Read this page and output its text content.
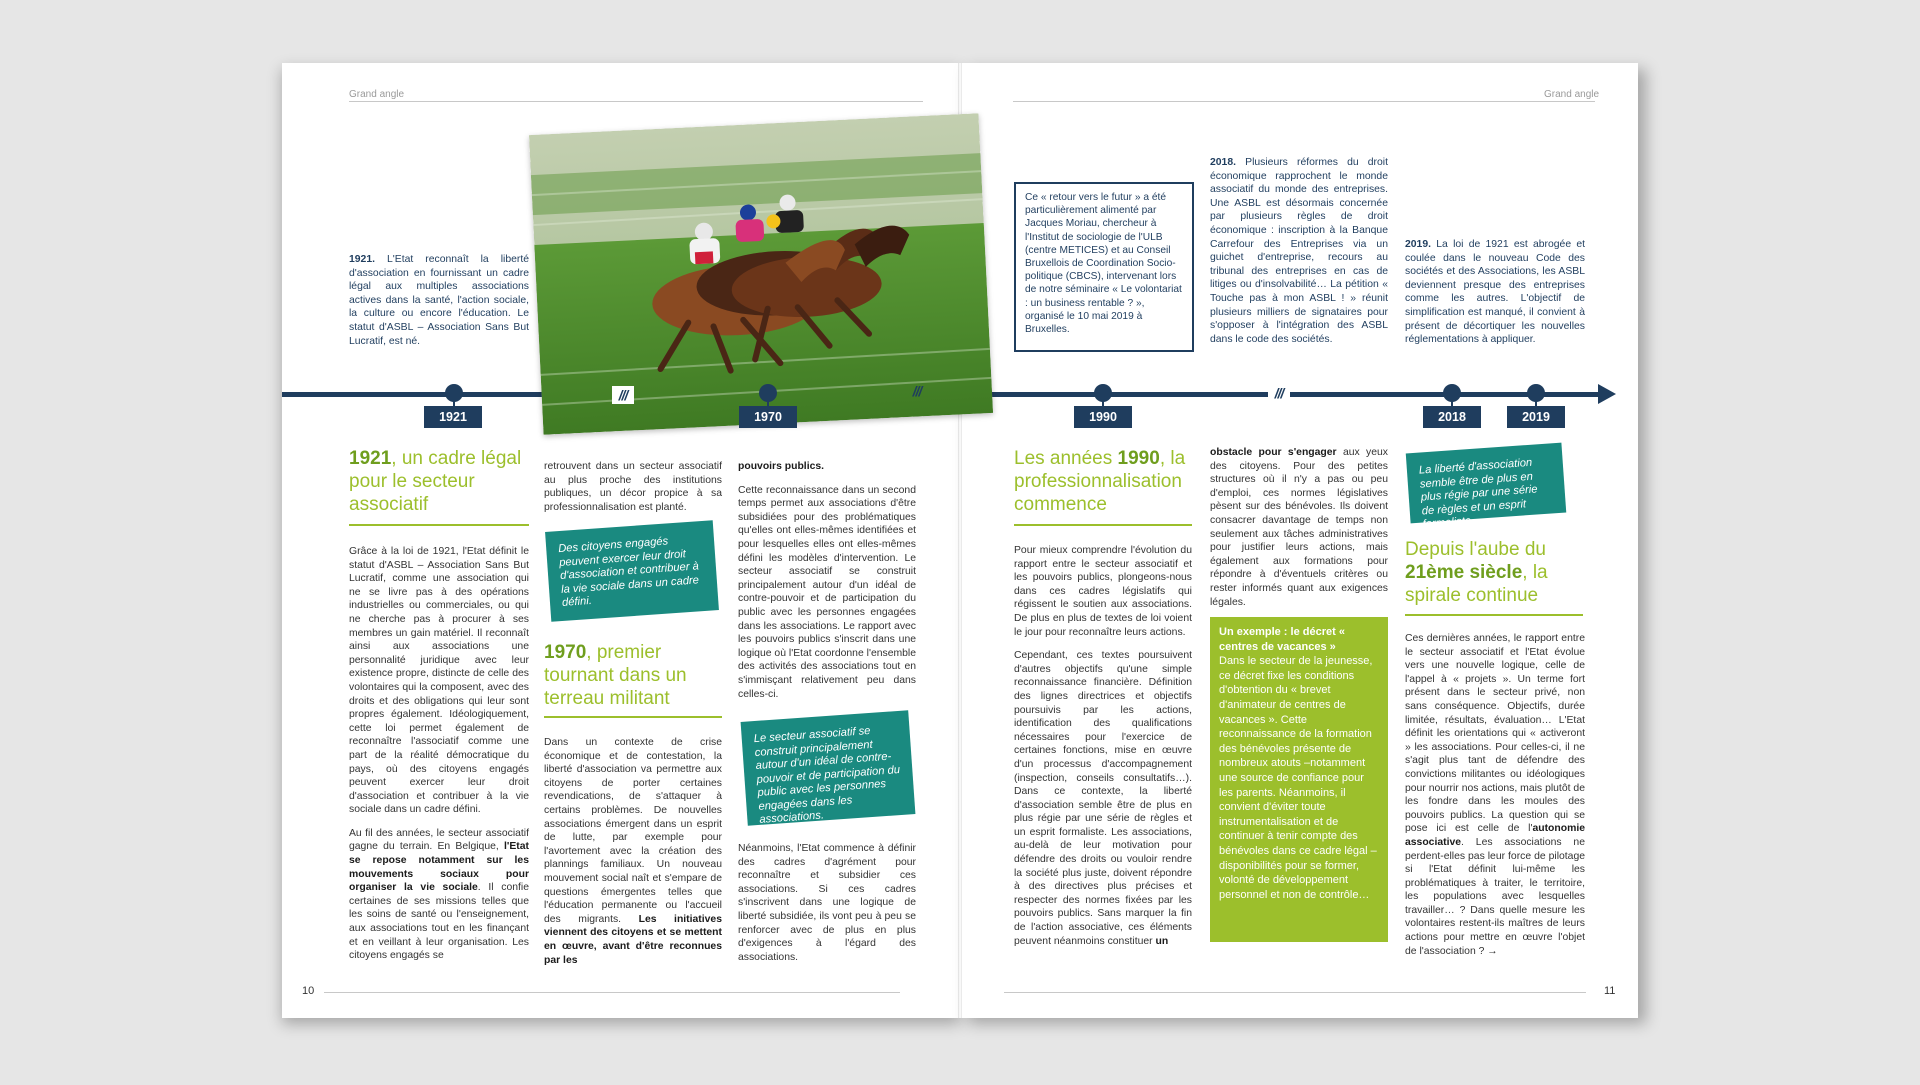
Grand angle	Grand angle
10	11
1921. L'Etat reconnaît la liberté d'association en fournissant un cadre légal aux multiples associations actives dans la santé, l'action sociale, la culture ou encore l'éducation. Le statut d'ASBL – Association Sans But Lucratif, est né.
2018. Plusieurs réformes du droit économique rapprochent le monde associatif du monde des entreprises. Une ASBL est désormais concernée par plusieurs règles de droit économique : inscription à la Banque Carrefour des Entreprises via un guichet d'entreprise, recours au tribunal des entreprises en cas de litiges ou d'insolvabilité… La pétition « Touche pas à mon ASBL ! » réunit plusieurs milliers de signataires pour s'opposer à l'intégration des ASBL dans le code des sociétés.
2019. La loi de 1921 est abrogée et coulée dans le nouveau Code des sociétés et des Associations, les ASBL deviennent presque des entreprises comme les autres. L'objectif de simplification est manqué, il convient à présent de décortiquer les nouvelles réglementations à appliquer.
Ce « retour vers le futur » a été particulièrement alimenté par Jacques Moriau, chercheur à l'Institut de sociologie de l'ULB (centre METICES) et au Conseil Bruxellois de Coordination Socio-politique (CBCS), intervenant lors de notre séminaire « Le volontariat : un business rentable ? », organisé le 10 mai 2019 à Bruxelles.
///	///	///
1921	1970	1990	2018	2019
1921, un cadre légal pour le secteur associatif

Grâce à la loi de 1921, l'Etat définit le statut d'ASBL – Association Sans But Lucratif, comme une association qui ne se livre pas à des opérations industrielles ou commerciales, ou qui ne cherche pas à procurer à ses membres un gain matériel. Il reconnaît ainsi aux associations une personnalité juridique avec leur existence propre, distincte de celle des volontaires qui la composent, avec des droits et des obligations qui leur sont propres également. Idéologiquement, cette loi permet également de reconnaître l'associatif comme une part de la réalité démocratique du pays, où des citoyens engagés peuvent exercer leur droit d'association et contribuer à la vie sociale dans un cadre défini.

Au fil des années, le secteur associatif gagne du terrain. En Belgique, l'Etat se repose notamment sur les mouvements sociaux pour organiser la vie sociale. Il confie certaines de ses missions telles que les soins de santé ou l'enseignement, aux associations tout en les finançant et en veillant à leur organisation. Les citoyens engagés se

retrouvent dans un secteur associatif au plus proche des institutions publiques, un décor propice à sa professionnalisation est planté.

Des citoyens engagés peuvent exercer leur droit d'association et contribuer à la vie sociale dans un cadre défini.
1970, premier tournant dans un terreau militant

Dans un contexte de crise économique et de contestation, la liberté d'association va permettre aux citoyens de porter certaines revendications, de s'attaquer à certains problèmes. De nouvelles associations émergent dans un esprit de lutte, par exemple pour l'avortement avec la création des plannings familiaux. Un nouveau mouvement social naît et s'empare de questions émergentes telles que l'éducation permanente ou l'accueil des migrants. Les initiatives viennent des citoyens et se mettent en œuvre, avant d'être reconnues par les

pouvoirs publics.

Cette reconnaissance dans un second temps permet aux associations d'être subsidiées pour des problématiques qu'elles ont elles-mêmes identifiées et pour lesquelles elles ont elles-mêmes défini les modèles d'intervention. Le secteur associatif se construit principalement autour d'un idéal de contre-pouvoir et de participation du public avec les personnes engagées dans les associations. Le rapport avec les pouvoirs publics s'inscrit dans une logique où l'Etat coordonne l'ensemble des activités des associations tout en s'immisçant relativement peu dans celles-ci.

Le secteur associatif se construit principalement autour d'un idéal de contre-pouvoir et de participation du public avec les personnes engagées dans les associations.

Néanmoins, l'Etat commence à définir des cadres d'agrément pour reconnaître et subsidier ces associations. Si ces cadres s'inscrivent dans une logique de liberté subsidiée, ils vont peu à peu se renforcer avec de plus en plus d'exigences à l'égard des associations.

Les années 1990, la professionnalisation commence

Pour mieux comprendre l'évolution du rapport entre le secteur associatif et les pouvoirs publics, plongeons-nous dans ces cadres législatifs qui régissent le soutien aux associations. De plus en plus de textes de loi voient le jour pour reconnaître leurs actions.

Cependant, ces textes poursuivent d'autres objectifs qu'une simple reconnaissance financière. Définition des lignes directrices et objectifs poursuivis par les actions, identification des qualifications nécessaires pour l'exercice de certaines fonctions, mise en œuvre d'un processus d'accompagnement (inspection, conseils consultatifs…). Dans ce contexte, la liberté d'association semble être de plus en plus régie par une série de règles et un esprit formaliste. Les associations, au-delà de leur motivation pour défendre des droits ou vouloir rendre la société plus juste, doivent répondre à des directives plus précises et respecter des normes fixées par les pouvoirs publics. Sans marquer la fin de l'action associative, ces éléments peuvent néanmoins constituer un

obstacle pour s'engager aux yeux des citoyens. Pour des petites structures où il n'y a pas ou peu d'emploi, ces normes législatives pèsent sur des bénévoles. Ils doivent consacrer davantage de temps non seulement aux tâches administratives pour justifier leurs actions, mais également aux formations pour répondre à d'éventuels critères ou rester informés quant aux exigences légales.

Un exemple : le décret « centres de vacances »
Dans le secteur de la jeunesse, ce décret fixe les conditions d'obtention du « brevet d'animateur de centres de vacances ». Cette reconnaissance de la formation des bénévoles présente de nombreux atouts –notamment une source de confiance pour les parents. Néanmoins, il convient d'éviter toute instrumentalisation et de continuer à tenir compte des bénévoles dans ce cadre légal – disponibilités pour se former, volonté de développement personnel et non de contrôle…
La liberté d'association semble être de plus en plus régie par une série de règles et un esprit formaliste.
Depuis l'aube du 21ème siècle, la spirale continue

Ces dernières années, le rapport entre le secteur associatif et l'Etat évolue vers une nouvelle logique, celle de l'appel à « projets ». Un terme fort présent dans le secteur privé, non sans conséquence. Objectifs, durée limitée, résultats, évaluation… L'Etat définit les orientations qui « activeront » les associations. Pour celles-ci, il ne s'agit plus tant de défendre des convictions militantes ou idéologiques pour nourrir nos actions, mais plutôt de les fondre dans les moules des pouvoirs publics. La question qui se pose ici est celle de l'autonomie associative. Les associations ne perdent-elles pas leur force de pilotage si l'Etat définit lui-même les problématiques à traiter, le territoire, les populations avec lesquelles travailler… ? Dans quelle mesure les volontaires restent-ils maîtres de leurs actions pour mettre en œuvre l'objet de l'association ? →
